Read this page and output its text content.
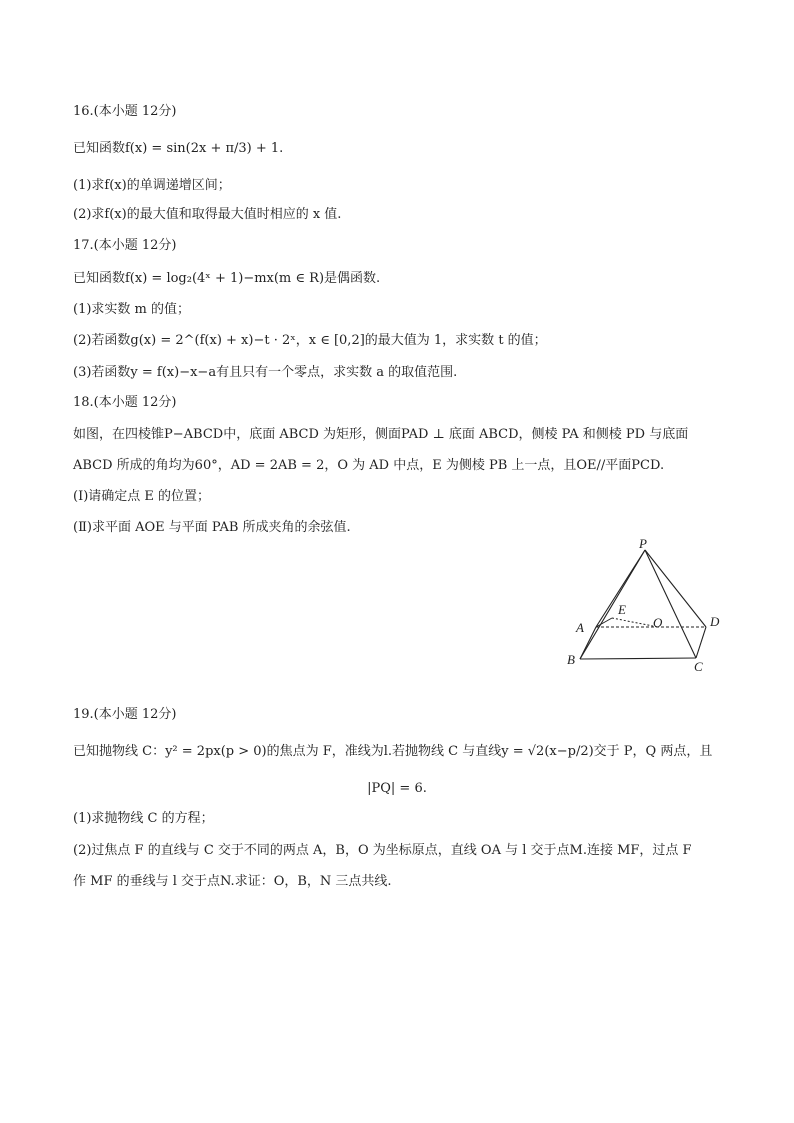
16.(本小题 12分)
已知函数f(x) = sin(2x + π/3) + 1.
(1)求f(x)的单调递增区间；
(2)求f(x)的最大值和取得最大值时相应的 x 值.
17.(本小题 12分)
已知函数f(x) = log₂(4ˣ + 1)−mx(m ∈ R)是偶函数.
(1)求实数 m 的值；
(2)若函数g(x) = 2^(f(x) + x)−t · 2ˣ，x ∈ [0,2]的最大值为 1，求实数 t 的值；
(3)若函数y = f(x)−x−a有且只有一个零点，求实数 a 的取值范围.
18.(本小题 12分)
如图，在四棱锥P−ABCD中，底面 ABCD 为矩形，侧面PAD ⊥ 底面 ABCD，侧棱 PA 和侧棱 PD 与底面
ABCD 所成的角均为60°，AD = 2AB = 2，O 为 AD 中点，E 为侧棱 PB 上一点，且OE//平面PCD.
(Ⅰ)请确定点 E 的位置；
(Ⅱ)求平面 AOE 与平面 PAB 所成夹角的余弦值.
P
A
B	C
D
E
O
19.(本小题 12分)
已知抛物线 C：y² = 2px(p > 0)的焦点为 F，准线为l.若抛物线 C 与直线y = √2(x−p/2)交于 P，Q 两点，且
|PQ| = 6.
(1)求抛物线 C 的方程；
(2)过焦点 F 的直线与 C 交于不同的两点 A，B，O 为坐标原点，直线 OA 与 l 交于点M.连接 MF，过点 F
作 MF 的垂线与 l 交于点N.求证：O，B，N 三点共线.
